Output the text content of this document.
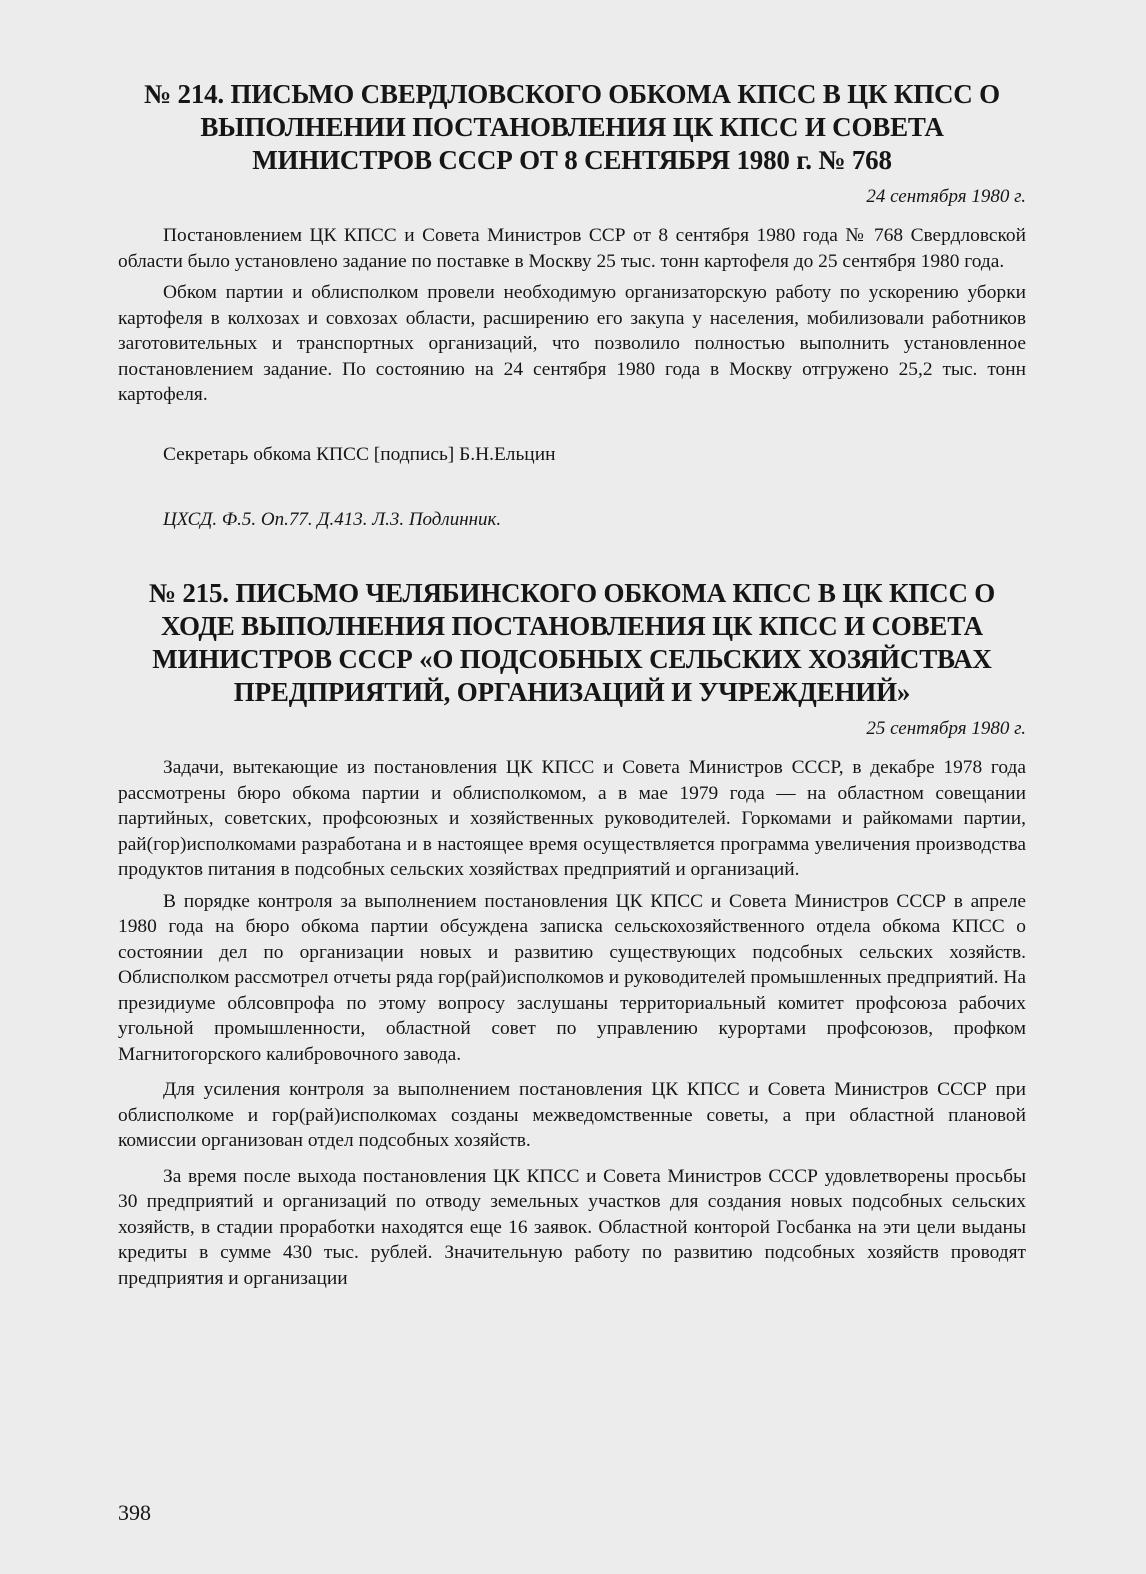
№ 214. ПИСЬМО СВЕРДЛОВСКОГО ОБКОМА КПСС В ЦК КПСС О ВЫПОЛНЕНИИ ПОСТАНОВЛЕНИЯ ЦК КПСС И СОВЕТА МИНИСТРОВ СССР ОТ 8 СЕНТЯБРЯ 1980 г. № 768
24 сентября 1980 г.

Постановлением ЦК КПСС и Совета Министров ССР от 8 сентября 1980 года № 768 Свердловской области было установлено задание по поставке в Москву 25 тыс. тонн картофеля до 25 сентября 1980 года.

Обком партии и облисполком провели необходимую организаторскую работу по ускорению уборки картофеля в колхозах и совхозах области, расширению его закупа у населения, мобилизовали работников заготовительных и транспортных организаций, что позволило полностью выполнить установленное постановлением задание. По состоянию на 24 сентября 1980 года в Москву отгружено 25,2 тыс. тонн картофеля.

Секретарь обкома КПСС [подпись] Б.Н.Ельцин

ЦХСД. Ф.5. Оп.77. Д.413. Л.3. Подлинник.

№ 215. ПИСЬМО ЧЕЛЯБИНСКОГО ОБКОМА КПСС В ЦК КПСС О ХОДЕ ВЫПОЛНЕНИЯ ПОСТАНОВЛЕНИЯ ЦК КПСС И СОВЕТА МИНИСТРОВ СССР «О ПОДСОБНЫХ СЕЛЬСКИХ ХОЗЯЙСТВАХ ПРЕДПРИЯТИЙ, ОРГАНИЗАЦИЙ И УЧРЕЖДЕНИЙ»
25 сентября 1980 г.

Задачи, вытекающие из постановления ЦК КПСС и Совета Министров СССР, в декабре 1978 года рассмотрены бюро обкома партии и облисполкомом, а в мае 1979 года — на областном совещании партийных, советских, профсоюзных и хозяйственных руководителей. Горкомами и райкомами партии, рай(гор)исполкомами разработана и в настоящее время осуществляется программа увеличения производства продуктов питания в подсобных сельских хозяйствах предприятий и организаций.

В порядке контроля за выполнением постановления ЦК КПСС и Совета Министров СССР в апреле 1980 года на бюро обкома партии обсуждена записка сельскохозяйственного отдела обкома КПСС о состоянии дел по организации новых и развитию существующих подсобных сельских хозяйств. Облисполком рассмотрел отчеты ряда гор(рай)исполкомов и руководителей промышленных предприятий. На президиуме облсовпрофа по этому вопросу заслушаны территориальный комитет профсоюза рабочих угольной промышленности, областной совет по управлению курортами профсоюзов, профком Магнитогорского калибровочного завода.

Для усиления контроля за выполнением постановления ЦК КПСС и Совета Министров СССР при облисполкоме и гор(рай)исполкомах созданы межведомственные советы, а при областной плановой комиссии организован отдел подсобных хозяйств.

За время после выхода постановления ЦК КПСС и Совета Министров СССР удовлетворены просьбы 30 предприятий и организаций по отводу земельных участков для создания новых подсобных сельских хозяйств, в стадии проработки находятся еще 16 заявок. Областной конторой Госбанка на эти цели выданы кредиты в сумме 430 тыс. рублей. Значительную работу по развитию подсобных хозяйств проводят предприятия и организации

398
